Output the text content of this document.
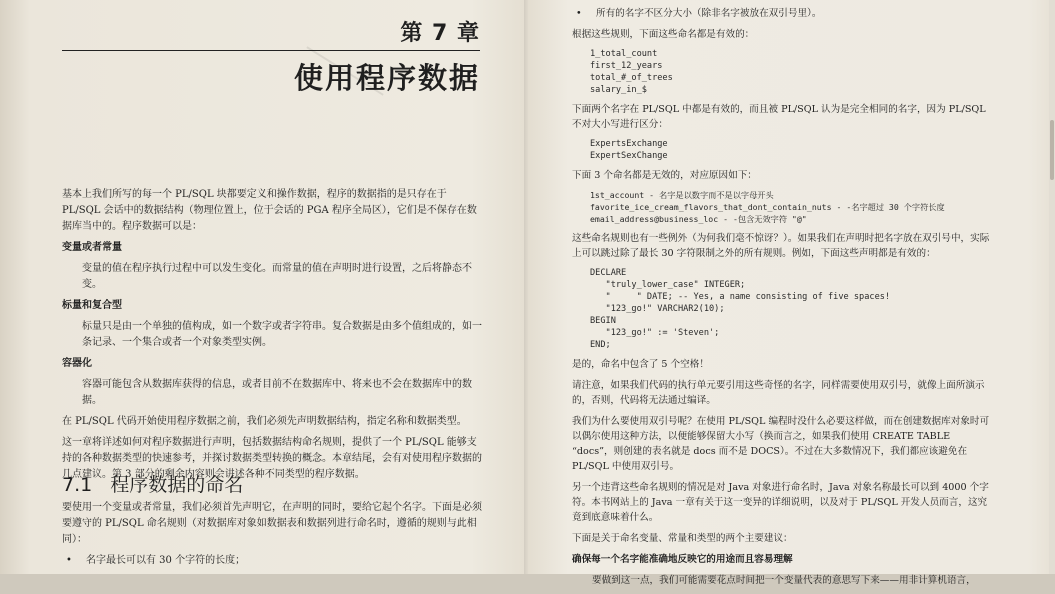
第 7 章
使用程序数据

基本上我们所写的每一个 PL/SQL 块都要定义和操作数据，程序的数据指的是只存在于 PL/SQL 会话中的数据结构（物理位置上，位于会话的 PGA 程序全局区），它们是不保存在数据库当中的。程序数据可以是：

变量或者常量

变量的值在程序执行过程中可以发生变化。而常量的值在声明时进行设置，之后将静态不变。

标量和复合型

标量只是由一个单独的值构成，如一个数字或者字符串。复合数据是由多个值组成的，如一条记录、一个集合或者一个对象类型实例。

容器化

容器可能包含从数据库获得的信息，或者目前不在数据库中、将来也不会在数据库中的数据。

在 PL/SQL 代码开始使用程序数据之前，我们必须先声明数据结构，指定名称和数据类型。

这一章将详述如何对程序数据进行声明，包括数据结构命名规则，提供了一个 PL/SQL 能够支持的各种数据类型的快速参考，并探讨数据类型转换的概念。本章结尾，会有对使用程序数据的几点建议。第 3 部分的剩余内容则会讲述各种不同类型的程序数据。

7.1 程序数据的命名

要使用一个变量或者常量，我们必须首先声明它，在声明的同时，要给它起个名字。下面是必须要遵守的 PL/SQL 命名规则（对数据库对象如数据表和数据列进行命名时，遵循的规则与此相同）：

• 名字最长可以有 30 个字符的长度；

• 所有的名字不区分大小（除非名字被放在双引号里）。

根据这些规则，下面这些命名都是有效的：

1_total_count
first_12_years
total_#_of_trees
salary_in_$

下面两个名字在 PL/SQL 中都是有效的，而且被 PL/SQL 认为是完全相同的名字，因为 PL/SQL 不对大小写进行区分：

ExpertsExchange
ExpertSexChange

下面 3 个命名都是无效的，对应原因如下：

1st_account - 名字是以数字而不是以字母开头
favorite_ice_cream_flavors_that_dont_contain_nuts - -名字超过 30 个字符长度
email_address@business_loc - -包含无效字符 "@"

这些命名规则也有一些例外（为何我们毫不惊讶？）。如果我们在声明时把名字放在双引号中，实际上可以跳过除了最长 30 字符限制之外的所有规则。例如，下面这些声明都是有效的：

DECLARE
"truly_lower_case" INTEGER;
"     " DATE; -- Yes, a name consisting of five spaces!
"123_go!" VARCHAR2(10);
BEGIN
"123_go!" := 'Steven';
END;

是的，命名中包含了 5 个空格！

请注意，如果我们代码的执行单元要引用这些奇怪的名字，同样需要使用双引号，就像上面所演示的，否则，代码将无法通过编译。

我们为什么要使用双引号呢？在使用 PL/SQL 编程时没什么必要这样做，而在创建数据库对象时可以偶尔使用这种方法，以便能够保留大小写（换而言之，如果我们使用 CREATE TABLE “docs”，则创建的表名就是 docs 而不是 DOCS）。不过在大多数情况下，我们都应该避免在 PL/SQL 中使用双引号。

另一个违背这些命名规则的情况是对 Java 对象进行命名时，Java 对象名称最长可以到 4000 个字符。本书网站上的 Java 一章有关于这一变异的详细说明，以及对于 PL/SQL 开发人员而言，这究竟到底意味着什么。

下面是关于命名变量、常量和类型的两个主要建议：

确保每一个名字能准确地反映它的用途而且容易理解

要做到这一点，我们可能需要花点时间把一个变量代表的意思写下来——用非计算机语言，
